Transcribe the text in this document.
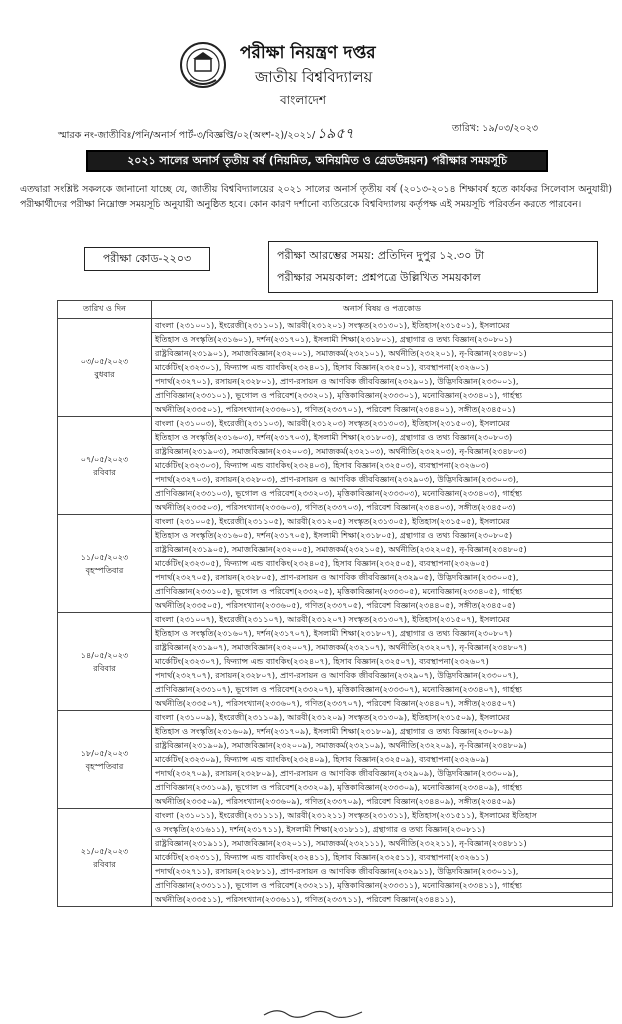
পরীক্ষা নিয়ন্ত্রণ দপ্তর
জাতীয় বিশ্ববিদ্যালয়
বাংলাদেশ
স্মারক নং-জাতীবিঃ/পনি/অনার্স পার্ট-৩/বিজ্ঞপ্তি/০২(অংশ-২)/২০২১/ ১৯৫৭	তারিখ: ১৯/০৩/২০২৩
২০২১ সালের অনার্স তৃতীয় বর্ষ (নিয়মিত, অনিয়মিত ও গ্রেডউন্নয়ন) পরীক্ষার সময়সূচি
এতদ্বারা সংশ্লিষ্ট সকলকে জানানো যাচ্ছে যে, জাতীয় বিশ্ববিদ্যালয়ের ২০২১ সালের অনার্স তৃতীয় বর্ষ (২০১৩-২০১৪ শিক্ষাবর্ষ হতে কার্যকর সিলেবাস অনুযায়ী) পরীক্ষার্থীদের পরীক্ষা নিম্নোক্ত সময়সূচি অনুযায়ী অনুষ্ঠিত হবে। কোন কারণ দর্শানো ব্যতিরেকে বিশ্ববিদ্যালয় কর্তৃপক্ষ এই সময়সূচি পরিবর্তন করতে পারবেন।
পরীক্ষা কোড-২২০৩	পরীক্ষা আরম্ভের সময়: প্রতিদিন দুপুর ১২.৩০ টা
পরীক্ষার সময়কাল: প্রশ্নপত্রে উল্লিখিত সময়কাল
তারিখ ও দিন	অনার্স বিষয় ও পত্রকোড

০৩/০৫/২০২৩
বুধবার	বাংলা (২৩১০০১), ইংরেজী(২৩১১০১), আরবী(২৩১২০১) সংস্কৃত(২৩১৩০১), ইতিহাস(২৩১৫০১), ইসলামের
	ইতিহাস ও সংস্কৃতি(২৩১৬০১), দর্শন(২৩১৭০১), ইসলামী শিক্ষা(২৩১৮০১), গ্রন্থাগার ও তথ্য বিজ্ঞান(২৩০৮০১)
	রাষ্ট্রবিজ্ঞান(২৩১৯০১), সমাজবিজ্ঞান(২৩২০০১), সমাজকর্ম(২৩২১০১), অর্থনীতি(২৩২২০১), নৃ-বিজ্ঞান(২৩৪৮০১)
	মার্কেটিং(২৩২৩০১), ফিন্যান্স এন্ড ব্যাংকিং(২৩২৪০১), হিসাব বিজ্ঞান(২৩২৫০১), ব্যবস্থাপনা(২৩২৬০১)
	পদার্থ(২৩২৭০১), রসায়ন(২৩২৮০১), প্রাণ-রসায়ন ও আণবিক জীববিজ্ঞান(২৩২৯০১), উদ্ভিদবিজ্ঞান(২৩৩০০১),
	প্রাণিবিজ্ঞান(২৩৩১০১), ভূগোল ও পরিবেশ(২৩৩২০১), মৃত্তিকাবিজ্ঞান(২৩৩৩০১), মনোবিজ্ঞান(২৩৩৪০১), গার্হস্থ্য
	অর্থনীতি(২৩৩৫০১), পরিসংখ্যান(২৩৩৬০১), গণিত(২৩৩৭০১), পরিবেশ বিজ্ঞান(২৩৪৪০১), সঙ্গীত(২৩৪৫০১)

০৭/০৫/২০২৩
রবিবার	বাংলা (২৩১০০৩), ইংরেজী(২৩১১০৩), আরবী(২৩১২০৩) সংস্কৃত(২৩১৩০৩), ইতিহাস(২৩১৫০৩), ইসলামের
	ইতিহাস ও সংস্কৃতি(২৩১৬০৩), দর্শন(২৩১৭০৩), ইসলামী শিক্ষা(২৩১৮০৩), গ্রন্থাগার ও তথ্য বিজ্ঞান(২৩০৮০৩)
	রাষ্ট্রবিজ্ঞান(২৩১৯০৩), সমাজবিজ্ঞান(২৩২০০৩), সমাজকর্ম(২৩২১০৩), অর্থনীতি(২৩২২০৩), নৃ-বিজ্ঞান(২৩৪৮০৩)
	মার্কেটিং(২৩২৩০৩), ফিন্যান্স এন্ড ব্যাংকিং(২৩২৪০৩), হিসাব বিজ্ঞান(২৩২৫০৩), ব্যবস্থাপনা(২৩২৬০৩)
	পদার্থ(২৩২৭০৩), রসায়ন(২৩২৮০৩), প্রাণ-রসায়ন ও আণবিক জীববিজ্ঞান(২৩২৯০৩), উদ্ভিদবিজ্ঞান(২৩৩০০৩),
	প্রাণিবিজ্ঞান(২৩৩১০৩), ভূগোল ও পরিবেশ(২৩৩২০৩), মৃত্তিকাবিজ্ঞান(২৩৩৩০৩), মনোবিজ্ঞান(২৩৩৪০৩), গার্হস্থ্য
	অর্থনীতি(২৩৩৫০৩), পরিসংখ্যান(২৩৩৬০৩), গণিত(২৩৩৭০৩), পরিবেশ বিজ্ঞান(২৩৪৪০৩), সঙ্গীত(২৩৪৫০৩)

১১/০৫/২০২৩
বৃহস্পতিবার	বাংলা (২৩১০০৫), ইংরেজী(২৩১১০৫), আরবী(২৩১২০৫) সংস্কৃত(২৩১৩০৫), ইতিহাস(২৩১৫০৫), ইসলামের
	ইতিহাস ও সংস্কৃতি(২৩১৬০৫), দর্শন(২৩১৭০৫), ইসলামী শিক্ষা(২৩১৮০৫), গ্রন্থাগার ও তথ্য বিজ্ঞান(২৩০৮০৫)
	রাষ্ট্রবিজ্ঞান(২৩১৯০৫), সমাজবিজ্ঞান(২৩২০০৫), সমাজকর্ম(২৩২১০৫), অর্থনীতি(২৩২২০৫), নৃ-বিজ্ঞান(২৩৪৮০৫)
	মার্কেটিং(২৩২৩০৫), ফিন্যান্স এন্ড ব্যাংকিং(২৩২৪০৫), হিসাব বিজ্ঞান(২৩২৫০৫), ব্যবস্থাপনা(২৩২৬০৫)
	পদার্থ(২৩২৭০৫), রসায়ন(২৩২৮০৫), প্রাণ-রসায়ন ও আণবিক জীববিজ্ঞান(২৩২৯০৫), উদ্ভিদবিজ্ঞান(২৩৩০০৫),
	প্রাণিবিজ্ঞান(২৩৩১০৫), ভূগোল ও পরিবেশ(২৩৩২০৫), মৃত্তিকাবিজ্ঞান(২৩৩৩০৫), মনোবিজ্ঞান(২৩৩৪০৫), গার্হস্থ্য
	অর্থনীতি(২৩৩৫০৫), পরিসংখ্যান(২৩৩৬০৫), গণিত(২৩৩৭০৫), পরিবেশ বিজ্ঞান(২৩৪৪০৫), সঙ্গীত(২৩৪৫০৫)

১৪/০৫/২০২৩
রবিবার	বাংলা (২৩১০০৭), ইংরেজী(২৩১১০৭), আরবী(২৩১২০৭) সংস্কৃত(২৩১৩০৭), ইতিহাস(২৩১৫০৭), ইসলামের
	ইতিহাস ও সংস্কৃতি(২৩১৬০৭), দর্শন(২৩১৭০৭), ইসলামী শিক্ষা(২৩১৮০৭), গ্রন্থাগার ও তথ্য বিজ্ঞান(২৩০৮০৭)
	রাষ্ট্রবিজ্ঞান(২৩১৯০৭), সমাজবিজ্ঞান(২৩২০০৭), সমাজকর্ম(২৩২১০৭), অর্থনীতি(২৩২২০৭), নৃ-বিজ্ঞান(২৩৪৮০৭)
	মার্কেটিং(২৩২৩০৭), ফিন্যান্স এন্ড ব্যাংকিং(২৩২৪০৭), হিসাব বিজ্ঞান(২৩২৫০৭), ব্যবস্থাপনা(২৩২৬০৭)
	পদার্থ(২৩২৭০৭), রসায়ন(২৩২৮০৭), প্রাণ-রসায়ন ও আণবিক জীববিজ্ঞান(২৩২৯০৭), উদ্ভিদবিজ্ঞান(২৩৩০০৭),
	প্রাণিবিজ্ঞান(২৩৩১০৭), ভূগোল ও পরিবেশ(২৩৩২০৭), মৃত্তিকাবিজ্ঞান(২৩৩৩০৭), মনোবিজ্ঞান(২৩৩৪০৭), গার্হস্থ্য
	অর্থনীতি(২৩৩৫০৭), পরিসংখ্যান(২৩৩৬০৭), গণিত(২৩৩৭০৭), পরিবেশ বিজ্ঞান(২৩৪৪০৭), সঙ্গীত(২৩৪৫০৭)

১৮/০৫/২০২৩
বৃহস্পতিবার	বাংলা (২৩১০০৯), ইংরেজী(২৩১১০৯), আরবী(২৩১২০৯) সংস্কৃত(২৩১৩০৯), ইতিহাস(২৩১৫০৯), ইসলামের
	ইতিহাস ও সংস্কৃতি(২৩১৬০৯), দর্শন(২৩১৭০৯), ইসলামী শিক্ষা(২৩১৮০৯), গ্রন্থাগার ও তথ্য বিজ্ঞান(২৩০৮০৯)
	রাষ্ট্রবিজ্ঞান(২৩১৯০৯), সমাজবিজ্ঞান(২৩২০০৯), সমাজকর্ম(২৩২১০৯), অর্থনীতি(২৩২২০৯), নৃ-বিজ্ঞান(২৩৪৮০৯)
	মার্কেটিং(২৩২৩০৯), ফিন্যান্স এন্ড ব্যাংকিং(২৩২৪০৯), হিসাব বিজ্ঞান(২৩২৫০৯), ব্যবস্থাপনা(২৩২৬০৯)
	পদার্থ(২৩২৭০৯), রসায়ন(২৩২৮০৯), প্রাণ-রসায়ন ও আণবিক জীববিজ্ঞান(২৩২৯০৯), উদ্ভিদবিজ্ঞান(২৩৩০০৯),
	প্রাণিবিজ্ঞান(২৩৩১০৯), ভূগোল ও পরিবেশ(২৩৩২০৯), মৃত্তিকাবিজ্ঞান(২৩৩৩০৯), মনোবিজ্ঞান(২৩৩৪০৯), গার্হস্থ্য
	অর্থনীতি(২৩৩৫০৯), পরিসংখ্যান(২৩৩৬০৯), গণিত(২৩৩৭০৯), পরিবেশ বিজ্ঞান(২৩৪৪০৯), সঙ্গীত(২৩৪৫০৯)

২১/০৫/২০২৩
রবিবার	বাংলা (২৩১০১১), ইংরেজী(২৩১১১১), আরবী(২৩১২১১) সংস্কৃত(২৩১৩১১), ইতিহাস(২৩১৫১১), ইসলামের ইতিহাস
	ও সংস্কৃতি(২৩১৬১১), দর্শন(২৩১৭১১), ইসলামী শিক্ষা(২৩১৮১১), গ্রন্থাগার ও তথ্য বিজ্ঞান(২৩০৮১১)
	রাষ্ট্রবিজ্ঞান(২৩১৯১১), সমাজবিজ্ঞান(২৩২০১১), সমাজকর্ম(২৩২১১১), অর্থনীতি(২৩২২১১), নৃ-বিজ্ঞান(২৩৪৮১১)
	মার্কেটিং(২৩২৩১১), ফিন্যান্স এন্ড ব্যাংকিং(২৩২৪১১), হিসাব বিজ্ঞান(২৩২৫১১), ব্যবস্থাপনা(২৩২৬১১)
	পদার্থ(২৩২৭১১), রসায়ন(২৩২৮১১), প্রাণ-রসায়ন ও আণবিক জীববিজ্ঞান(২৩২৯১১), উদ্ভিদবিজ্ঞান(২৩৩০১১),
	প্রাণিবিজ্ঞান(২৩৩১১১), ভূগোল ও পরিবেশ(২৩৩২১১), মৃত্তিকাবিজ্ঞান(২৩৩৩১১), মনোবিজ্ঞান(২৩৩৪১১), গার্হস্থ্য
	অর্থনীতি(২৩৩৫১১), পরিসংখ্যান(২৩৩৬১১), গণিত(২৩৩৭১১), পরিবেশ বিজ্ঞান(২৩৪৪১১),
